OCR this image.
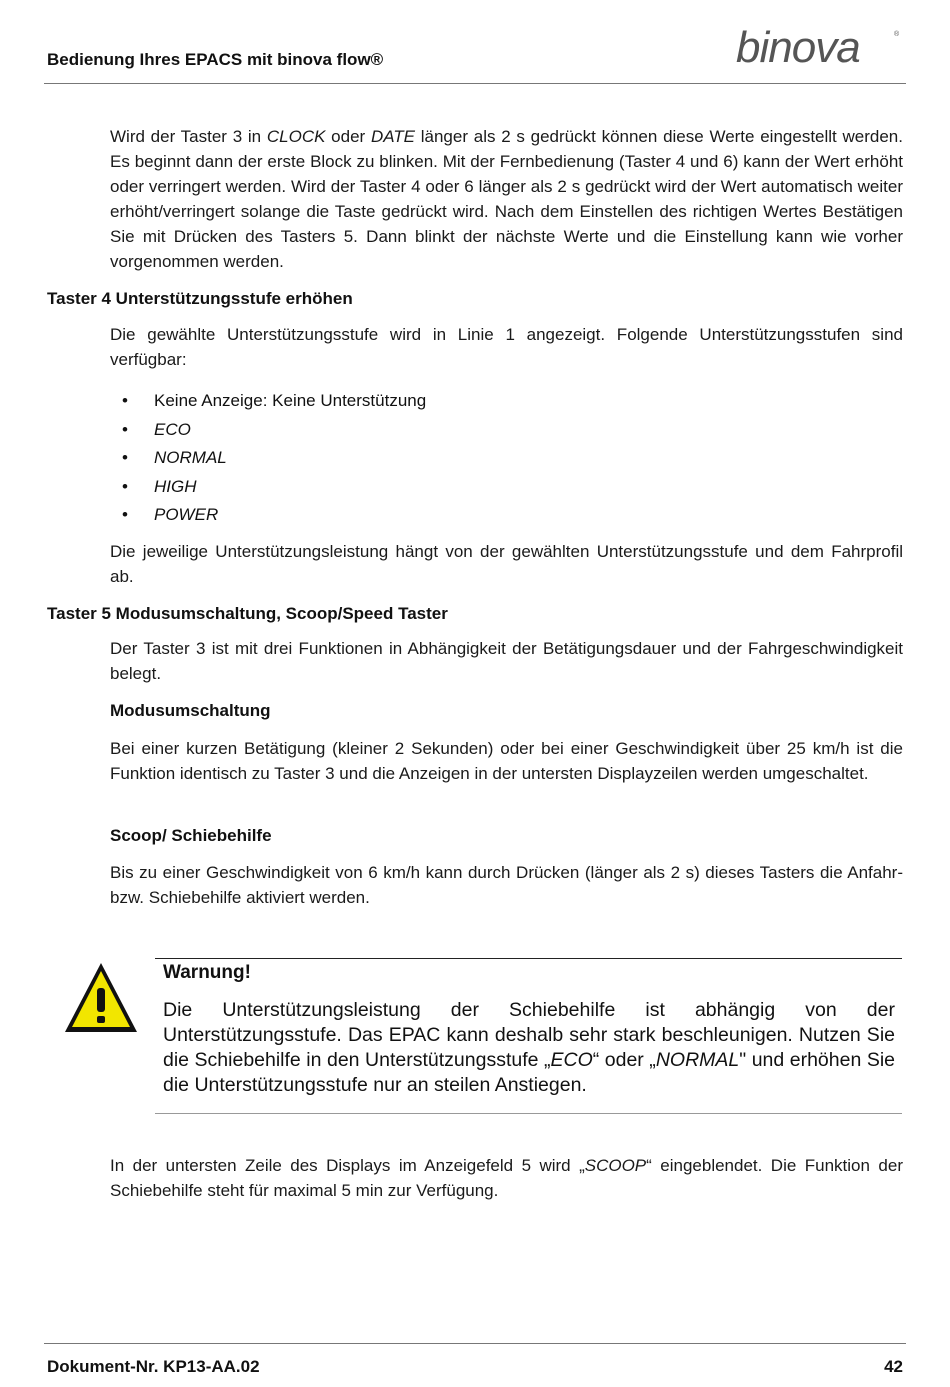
Bedienung Ihres EPACS mit binova flow®	binova	®

Wird der Taster 3 in CLOCK oder DATE länger als 2 s gedrückt können diese Werte eingestellt werden. Es beginnt dann der erste Block zu blinken. Mit der Fernbedienung (Taster 4 und 6) kann der Wert erhöht oder verringert werden. Wird der Taster 4 oder 6 länger als 2 s gedrückt wird der Wert automatisch weiter erhöht/verringert solange die Taste gedrückt wird. Nach dem Einstellen des richtigen Wertes Bestätigen Sie mit Drücken des Tasters 5. Dann blinkt der nächste Werte und die Einstellung kann wie vorher vorgenommen werden.

Taster 4 Unterstützungsstufe erhöhen

Die gewählte Unterstützungsstufe wird in Linie 1 angezeigt. Folgende Unterstützungsstufen sind verfügbar:

• Keine Anzeige: Keine Unterstützung
• ECO
• NORMAL
• HIGH
• POWER

Die jeweilige Unterstützungsleistung hängt von der gewählten Unterstützungsstufe und dem Fahrprofil ab.

Taster 5 Modusumschaltung, Scoop/Speed Taster

Der Taster 3 ist mit drei Funktionen in Abhängigkeit der Betätigungsdauer und der Fahrgeschwindigkeit belegt.

Modusumschaltung

Bei einer kurzen Betätigung (kleiner 2 Sekunden) oder bei einer Geschwindigkeit über 25 km/h ist die Funktion identisch zu Taster 3 und die Anzeigen in der untersten Displayzeilen werden umgeschaltet.

Scoop/ Schiebehilfe

Bis zu einer Geschwindigkeit von 6 km/h kann durch Drücken (länger als 2 s) dieses Tasters die Anfahr- bzw. Schiebehilfe aktiviert werden.

Warnung!

Die Unterstützungsleistung der Schiebehilfe ist abhängig von der Unterstützungsstufe. Das EPAC kann deshalb sehr stark beschleunigen. Nutzen Sie die Schiebehilfe in den Unterstützungsstufe „ECO“ oder „NORMAL" und erhöhen Sie die Unterstützungsstufe nur an steilen Anstiegen.

In der untersten Zeile des Displays im Anzeigefeld 5 wird „SCOOP“ eingeblendet. Die Funktion der Schiebehilfe steht für maximal 5 min zur Verfügung.

Dokument-Nr. KP13-AA.02	42
